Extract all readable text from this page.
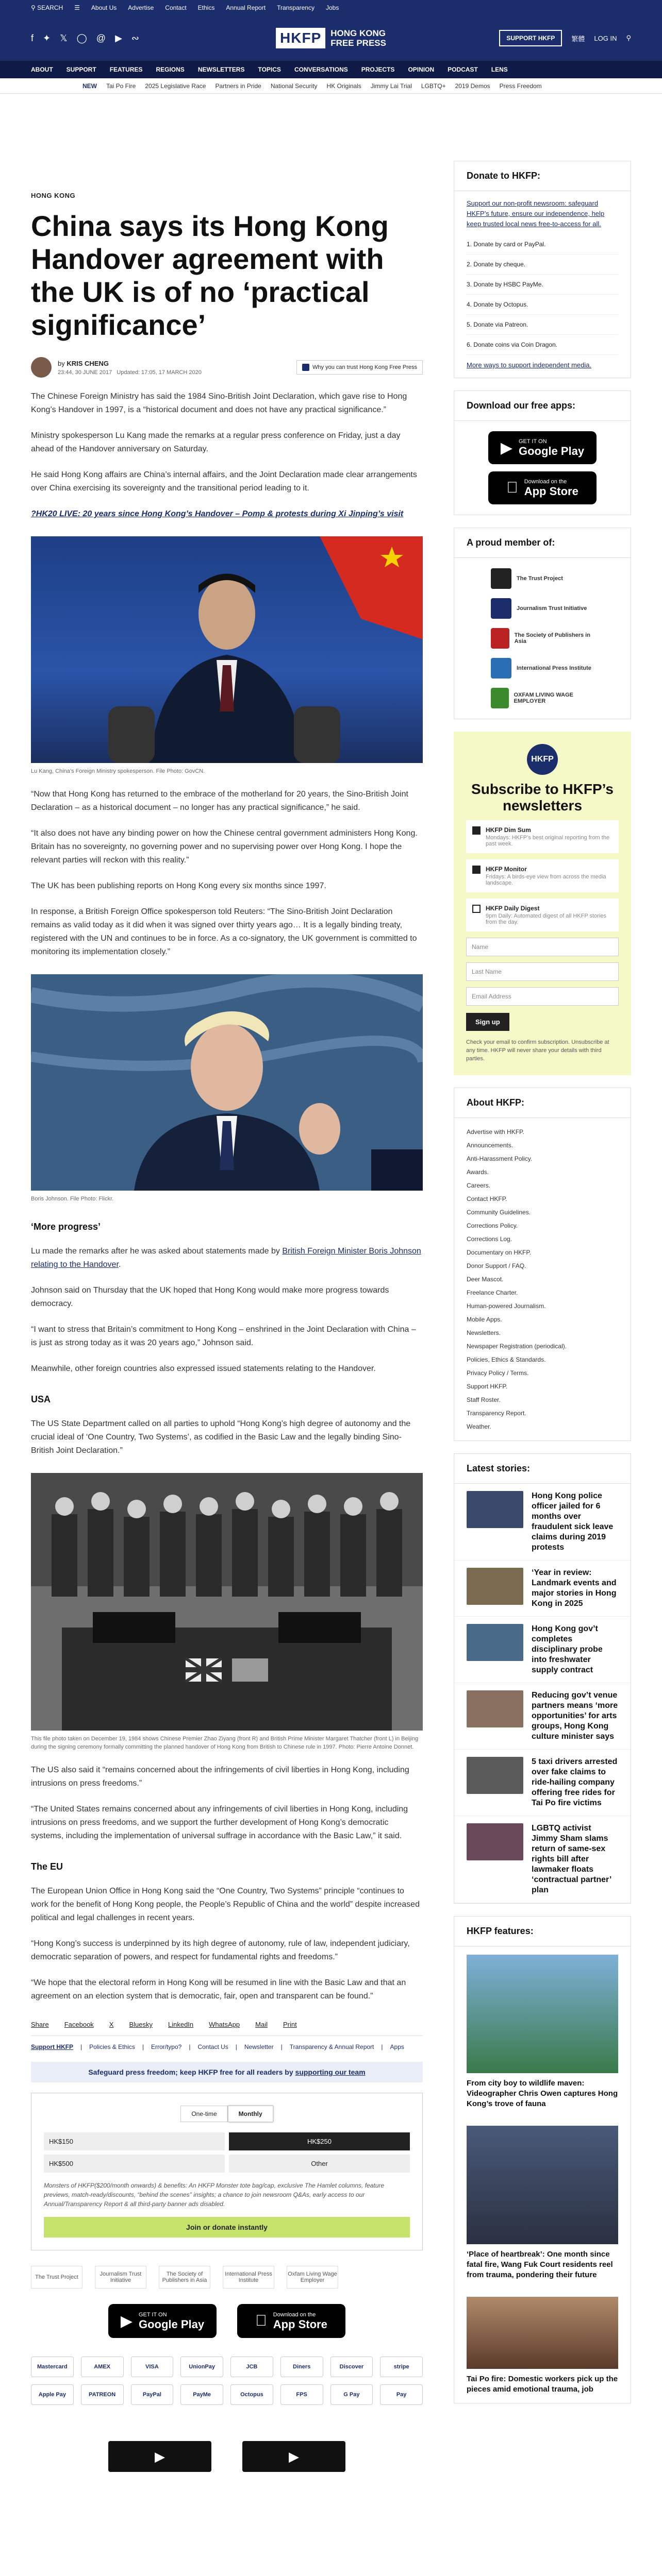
⚲ SEARCH ☰ About Us Advertise Contact Ethics Annual Report Transparency Jobs
f ✦ 𝕏 ◯ @ ▶ ∾	HKFP	HONG KONG
FREE PRESS	SUPPORT HKFP	繁體 LOG IN ⚲
ABOUT SUPPORT FEATURES REGIONS NEWSLETTERS TOPICS CONVERSATIONS PROJECTS OPINION PODCAST LENS
NEW Tai Po Fire 2025 Legislative Race Partners in Pride National Security HK Originals Jimmy Lai Trial LGBTQ+ 2019 Demos Press Freedom
HONG KONG
China says its Hong Kong Handover agreement with the UK is of no ‘practical significance’
by KRIS CHENG
23:44, 30 JUNE 2017 Updated: 17:05, 17 MARCH 2020
Why you can trust Hong Kong Free Press

The Chinese Foreign Ministry has said the 1984 Sino-British Joint Declaration, which gave rise to Hong Kong’s Handover in 1997, is a “historical document and does not have any practical significance.”

Ministry spokesperson Lu Kang made the remarks at a regular press conference on Friday, just a day ahead of the Handover anniversary on Saturday.

He said Hong Kong affairs are China’s internal affairs, and the Joint Declaration made clear arrangements over China exercising its sovereignty and the transitional period leading to it.

?HK20 LIVE: 20 years since Hong Kong’s Handover – Pomp & protests during Xi Jinping’s visit

Lu Kang, China’s Foreign Ministry spokesperson. File Photo: GovCN.

“Now that Hong Kong has returned to the embrace of the motherland for 20 years, the Sino-British Joint Declaration – as a historical document – no longer has any practical significance,” he said.

“It also does not have any binding power on how the Chinese central government administers Hong Kong. Britain has no sovereignty, no governing power and no supervising power over Hong Kong. I hope the relevant parties will reckon with this reality.”

The UK has been publishing reports on Hong Kong every six months since 1997.

In response, a British Foreign Office spokesperson told Reuters: “The Sino-British Joint Declaration remains as valid today as it did when it was signed over thirty years ago… It is a legally binding treaty, registered with the UN and continues to be in force. As a co-signatory, the UK government is committed to monitoring its implementation closely.”

Boris Johnson. File Photo: Flickr.
‘More progress’

Lu made the remarks after he was asked about statements made by British Foreign Minister Boris Johnson relating to the Handover.

Johnson said on Thursday that the UK hoped that Hong Kong would make more progress towards democracy.

“I want to stress that Britain’s commitment to Hong Kong – enshrined in the Joint Declaration with China – is just as strong today as it was 20 years ago,” Johnson said.

Meanwhile, other foreign countries also expressed issued statements relating to the Handover.

USA

The US State Department called on all parties to uphold “Hong Kong’s high degree of autonomy and the crucial ideal of ‘One Country, Two Systems’, as codified in the Basic Law and the legally binding Sino-British Joint Declaration.”

This file photo taken on December 19, 1984 shows Chinese Premier Zhao Ziyang (front R) and British Prime Minister Margaret Thatcher (front L) in Beijing during the signing ceremony formally committing the planned handover of Hong Kong from British to Chinese rule in 1997. Photo: Pierre Antoine Donnet.

The US also said it “remains concerned about the infringements of civil liberties in Hong Kong, including intrusions on press freedoms.”

“The United States remains concerned about any infringements of civil liberties in Hong Kong, including intrusions on press freedoms, and we support the further development of Hong Kong’s democratic systems, including the implementation of universal suffrage in accordance with the Basic Law,” it said.

The EU

The European Union Office in Hong Kong said the “One Country, Two Systems” principle “continues to work for the benefit of Hong Kong people, the People’s Republic of China and the world” despite increased political and legal challenges in recent years.

“Hong Kong’s success is underpinned by its high degree of autonomy, rule of law, independent judiciary, democratic separation of powers, and respect for fundamental rights and freedoms.”

“We hope that the electoral reform in Hong Kong will be resumed in line with the Basic Law and that an agreement on an election system that is democratic, fair, open and transparent can be found.”

Share Facebook X Bluesky LinkedIn WhatsApp Mail Print
Support HKFP | Policies & Ethics | Error/typo? | Contact Us | Newsletter | Transparency & Annual Report | Apps
Safeguard press freedom; keep HKFP free for all readers by supporting our team
One-time	Monthly
HK$150	HK$250
HK$500	Other
Monsters of HKFP($200/month onwards) & benefits: An HKFP Monster tote bag/cap, exclusive The Hamlet columns, feature previews, match-ready/discounts, “behind the scenes” insights; a chance to join newsroom Q&As, early access to our Annual/Transparency Report & all third-party banner ads disabled.
Join or donate instantly
The Trust Project	Journalism Trust Initiative
The Society of Publishers in Asia
International Press Institute
Oxfam Living Wage Employer
▶ GET IT ON
Google Play
Download on the
App Store
Mastercard	AMEX	VISA	UnionPay	JCB	Diners	Discover	stripe
Apple Pay	PATREON	PayPal	PayMe	Octopus	FPS	G Pay	Pay
▶	▶
Donate to HKFP:
Support our non-profit newsroom: safeguard HKFP’s future, ensure our independence, help keep trusted local news free-to-access for all.
1. Donate by card or PayPal.
2. Donate by cheque.
3. Donate by HSBC PayMe.
4. Donate by Octopus.
5. Donate via Patreon.
6. Donate coins via Coin Dragon.
More ways to support independent media.
Download our free apps:
▶ GET IT ON
Google Play
Download on the
App Store
A proud member of:
The Trust Project
Journalism Trust Initiative
The Society of Publishers in Asia
International Press Institute
OXFAM LIVING WAGE EMPLOYER
HKFP
Subscribe to HKFP’s newsletters
HKFP Dim Sum
Mondays: HKFP’s best original reporting from the past week.
HKFP Monitor
Fridays: A birds-eye view from across the media landscape.
HKFP Daily Digest
9pm Daily: Automated digest of all HKFP stories from the day.
Name
Last Name
Email Address
Sign up
Check your email to confirm subscription. Unsubscribe at any time. HKFP will never share your details with third parties.
About HKFP:
Advertise with HKFP.
Announcements.
Anti-Harassment Policy.
Awards.
Careers.
Contact HKFP.
Community Guidelines.
Corrections Policy.
Corrections Log.
Documentary on HKFP.
Donor Support / FAQ.
Deer Mascot.
Freelance Charter.
Human-powered Journalism.
Mobile Apps.
Newsletters.
Newspaper Registration (periodical).
Policies, Ethics & Standards.
Privacy Policy / Terms.
Support HKFP.
Staff Roster.
Transparency Report.
Weather.
Latest stories:
Hong Kong police officer jailed for 6 months over fraudulent sick leave claims during 2019 protests
‘Year in review: Landmark events and major stories in Hong Kong in 2025
Hong Kong gov’t completes disciplinary probe into freshwater supply contract
Reducing gov’t venue partners means ‘more opportunities’ for arts groups, Hong Kong culture minister says
5 taxi drivers arrested over fake claims to ride-hailing company offering free rides for Tai Po fire victims
LGBTQ activist Jimmy Sham slams return of same-sex rights bill after lawmaker floats ‘contractual partner’ plan
HKFP features:
From city boy to wildlife maven: Videographer Chris Owen captures Hong Kong’s trove of fauna
‘Place of heartbreak’: One month since fatal fire, Wang Fuk Court residents reel from trauma, pondering their future
Tai Po fire: Domestic workers pick up the pieces amid emotional trauma, job
